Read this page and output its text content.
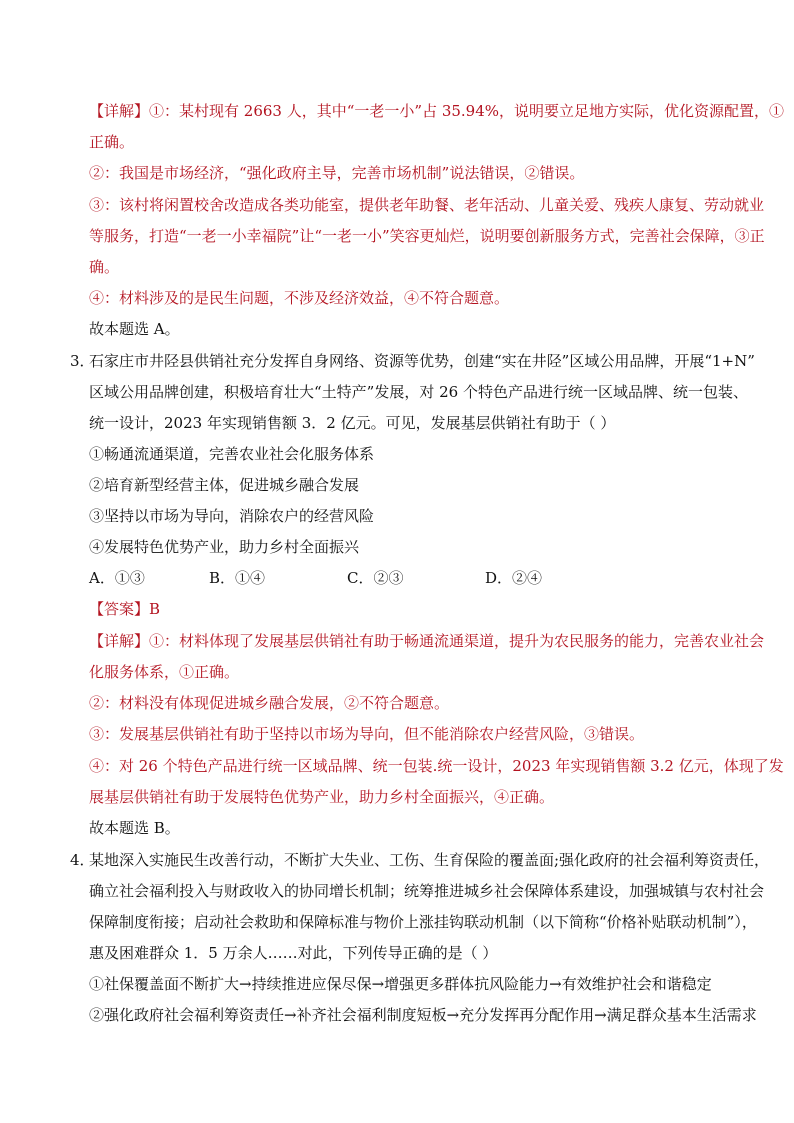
【详解】①：某村现有 2663 人，其中“一老一小”占 35.94%，说明要立足地方实际，优化资源配置，①
正确。
②：我国是市场经济，“强化政府主导，完善市场机制”说法错误，②错误。
③：该村将闲置校舍改造成各类功能室，提供老年助餐、老年活动、儿童关爱、残疾人康复、劳动就业
等服务，打造“一老一小幸福院”让“一老一小”笑容更灿烂，说明要创新服务方式，完善社会保障，③正
确。
④：材料涉及的是民生问题，不涉及经济效益，④不符合题意。
故本题选 A。
3．
石家庄市井陉县供销社充分发挥自身网络、资源等优势，创建“实在井陉”区域公用品牌，开展“1+N”
区域公用品牌创建，积极培育壮大“土特产”发展，对 26 个特色产品进行统一区域品牌、统一包装、
统一设计，2023 年实现销售额 3．2 亿元。可见，发展基层供销社有助于（ ）
①畅通流通渠道，完善农业社会化服务体系
②培育新型经营主体，促进城乡融合发展
③坚持以市场为导向，消除农户的经营风险
④发展特色优势产业，助力乡村全面振兴
A．①③	B．①④	C．②③	D．②④
【答案】B
【详解】①：材料体现了发展基层供销社有助于畅通流通渠道，提升为农民服务的能力，完善农业社会
化服务体系，①正确。
②：材料没有体现促进城乡融合发展，②不符合题意。
③：发展基层供销社有助于坚持以市场为导向，但不能消除农户经营风险，③错误。
④：对 26 个特色产品进行统一区域品牌、统一包装.统一设计，2023 年实现销售额 3.2 亿元，体现了发
展基层供销社有助于发展特色优势产业，助力乡村全面振兴，④正确。
故本题选 B。
4．
某地深入实施民生改善行动，不断扩大失业、工伤、生育保险的覆盖面;强化政府的社会福利筹资责任，
确立社会福利投入与财政收入的协同增长机制；统筹推进城乡社会保障体系建设，加强城镇与农村社会
保障制度衔接；启动社会救助和保障标准与物价上涨挂钩联动机制（以下简称“价格补贴联动机制”），
惠及困难群众 1．5 万余人……对此，下列传导正确的是（ ）
①社保覆盖面不断扩大→持续推进应保尽保→增强更多群体抗风险能力→有效维护社会和谐稳定
②强化政府社会福利筹资责任→补齐社会福利制度短板→充分发挥再分配作用→满足群众基本生活需求
